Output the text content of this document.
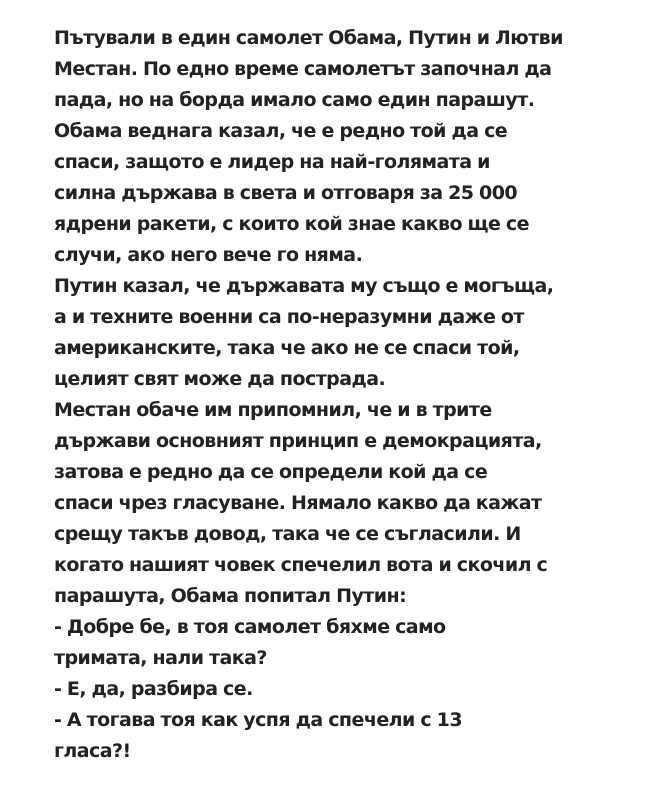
Пътували в един самолет Обама, Путин и Лютви
Местан. По едно време самолетът започнал да
пада, но на борда имало само един парашут.
Обама веднага казал, че е редно той да се
спаси, защото е лидер на най-голямата и
силна държава в света и отговаря за 25 000
ядрени ракети, с които кой знае какво ще се
случи, ако него вече го няма.
Путин казал, че държавата му също е могъща,
а и техните военни са по-неразумни даже от
американските, така че ако не се спаси той,
целият свят може да пострада.
Местан обаче им припомнил, че и в трите
държави основният принцип е демокрацията,
затова е редно да се определи кой да се
спаси чрез гласуване. Нямало какво да кажат
срещу такъв довод, така че се съгласили. И
когато нашият човек спечелил вота и скочил с
парашута, Обама попитал Путин:
- Добре бе, в тоя самолет бяхме само
тримата, нали така?
- Е, да, разбира се.
- А тогава тоя как успя да спечели с 13
гласа?!
